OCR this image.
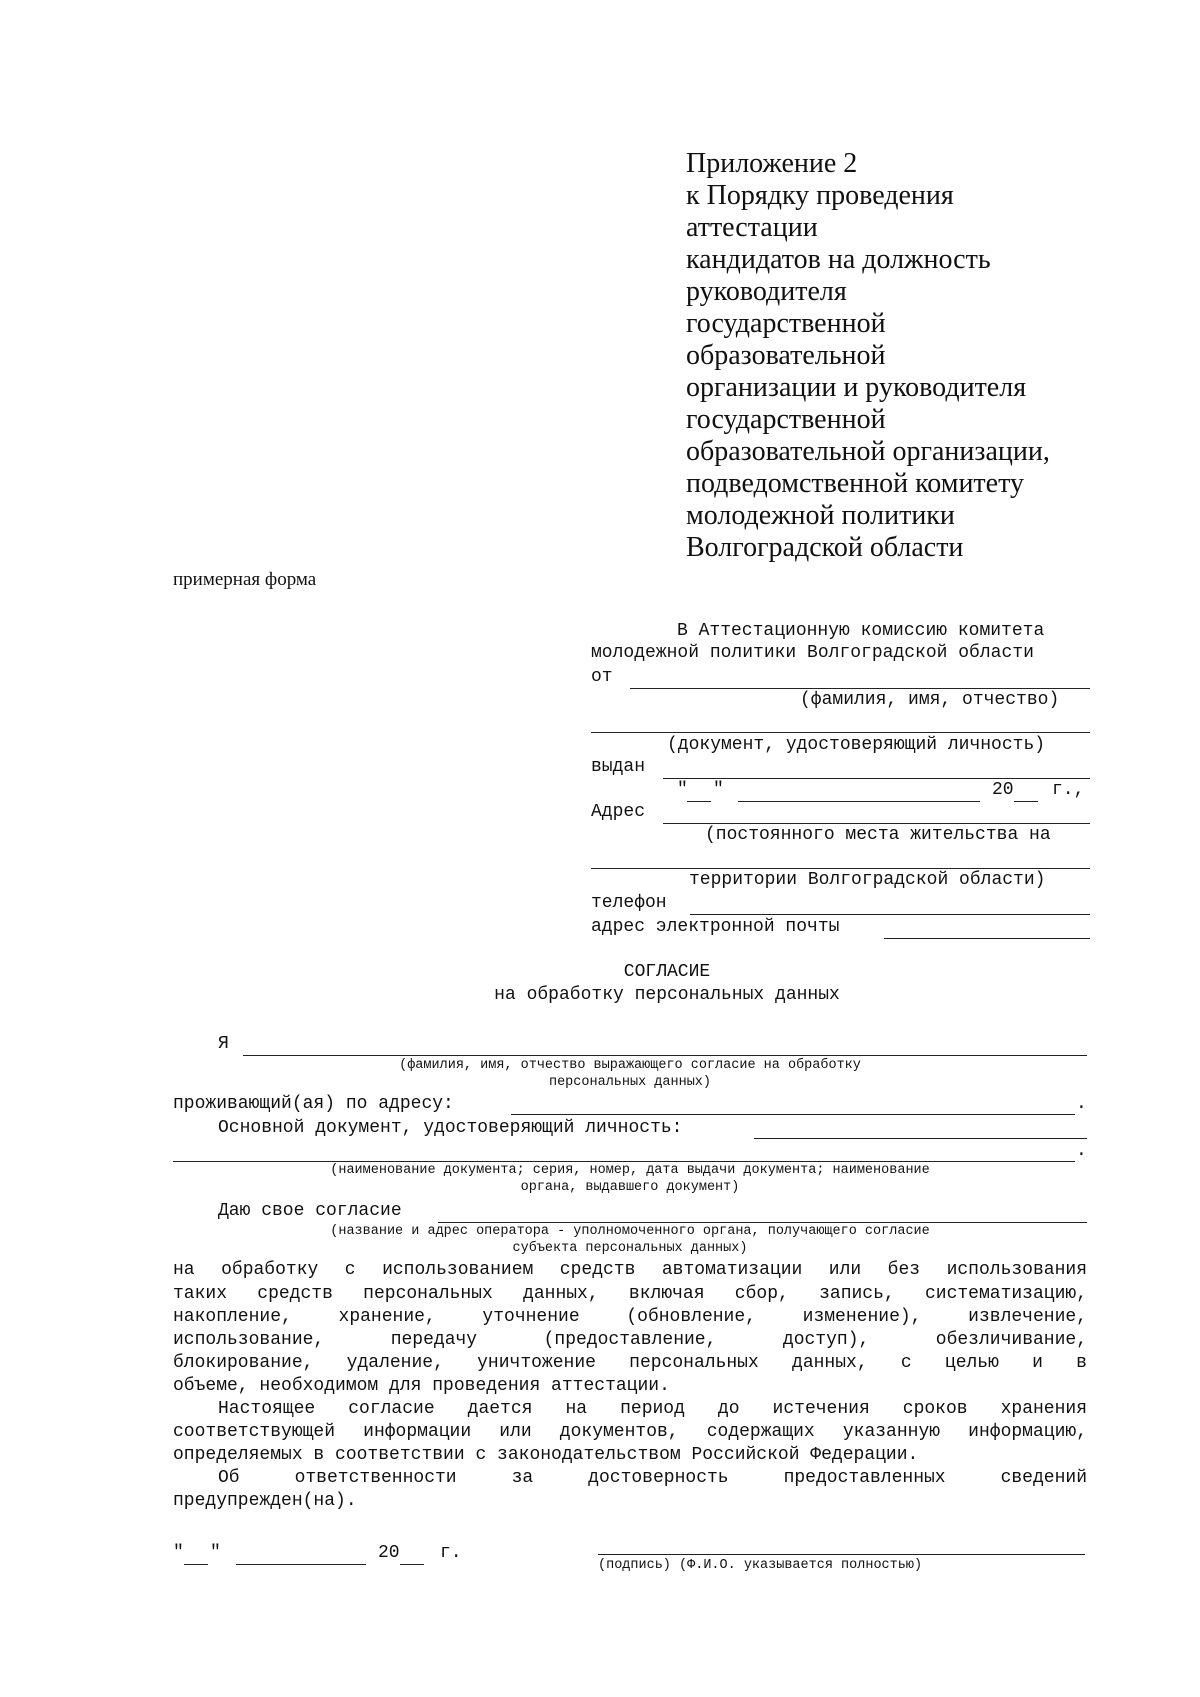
Приложение 2
к Порядку проведения
аттестации
кандидатов на должность
руководителя
государственной
образовательной
организации и руководителя
государственной
образовательной организации,
подведомственной комитету
молодежной политики
Волгоградской области
примерная форма
В Аттестационную комиссию комитета
молодежной политики Волгоградской области
от
(фамилия, имя, отчество)
(документ, удостоверяющий личность)
выдан
" "	20 г.,
Адрес
(постоянного места жительства на
территории Волгоградской области)
телефон
адрес электронной почты
СОГЛАСИЕ
на обработку персональных данных
Я
(фамилия, имя, отчество выражающего согласие на обработку
персональных данных)
проживающий(ая) по адресу:	.
Основной документ, удостоверяющий личность:
.
(наименование документа; серия, номер, дата выдачи документа; наименование
органа, выдавшего документ)
Даю свое согласие
(название и адрес оператора - уполномоченного органа, получающего согласие
субъекта персональных данных)
на обработку с использованием средств автоматизации или без использования
таких средств персональных данных, включая сбор, запись, систематизацию,
накопление, хранение, уточнение (обновление, изменение), извлечение,
использование, передачу (предоставление, доступ), обезличивание,
блокирование, удаление, уничтожение персональных данных, с целью и в
объеме, необходимом для проведения аттестации.
Настоящее согласие дается на период до истечения сроков хранения
соответствующей информации или документов, содержащих указанную информацию,
определяемых в соответствии с законодательством Российской Федерации.
Об ответственности за достоверность предоставленных сведений
предупрежден(на).
" "	20 г.
(подпись) (Ф.И.О. указывается полностью)
